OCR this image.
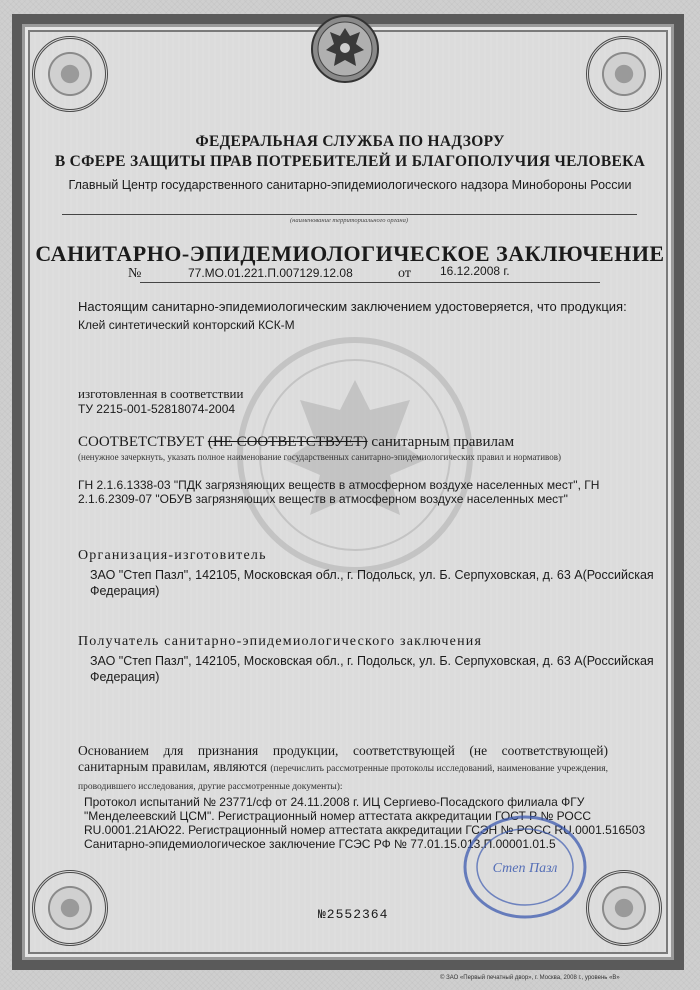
ФЕДЕРАЛЬНАЯ СЛУЖБА ПО НАДЗОРУ
В СФЕРЕ ЗАЩИТЫ ПРАВ ПОТРЕБИТЕЛЕЙ И БЛАГОПОЛУЧИЯ ЧЕЛОВЕКА
Главный Центр государственного санитарно-эпидемиологического надзора Минобороны России
(наименование территориального органа)
САНИТАРНО-ЭПИДЕМИОЛОГИЧЕСКОЕ ЗАКЛЮЧЕНИЕ
№	77.МО.01.221.П.007129.12.08	от 16.12.2008 г.
Настоящим санитарно-эпидемиологическим заключением удостоверяется, что продукция:
Клей синтетический конторский КСК-М
изготовленная в соответствии
ТУ 2215-001-52818074-2004
СООТВЕТСТВУЕТ (НЕ СООТВЕТСТВУЕТ) санитарным правилам
(ненужное зачеркнуть, указать полное наименование государственных санитарно-эпидемиологических правил и нормативов)
ГН 2.1.6.1338-03 "ПДК загрязняющих веществ в атмосферном воздухе населенных мест", ГН
2.1.6.2309-07 "ОБУВ загрязняющих веществ в атмосферном воздухе населенных мест"
Организация-изготовитель
ЗАО "Степ Пазл", 142105, Московская обл., г. Подольск, ул. Б. Серпуховская, д. 63 А(Российская
Федерация)
Получатель санитарно-эпидемиологического заключения
ЗАО "Степ Пазл", 142105, Московская обл., г. Подольск, ул. Б. Серпуховская, д. 63 А(Российская
Федерация)
Основанием для признания продукции, соответствующей (не соответствующей) санитарным правилам, являются (перечислить рассмотренные протоколы исследований, наименование учреждения, проводившего исследования, другие рассмотренные документы):
Протокол испытаний № 23771/сф от 24.11.2008 г. ИЦ Сергиево-Посадского филиала ФГУ
"Менделеевский ЦСМ". Регистрационный номер аттестата аккредитации ГОСТ Р № РОСС
RU.0001.21АЮ22. Регистрационный номер аттестата аккредитации ГСЭН № РОСС RU.0001.516503
Санитарно-эпидемиологическое заключение ГСЭС РФ № 77.01.15.013.П.00001.01.5
Степ Пазл
№2552364
© ЗАО «Первый печатный двор», г. Москва, 2008 г., уровень «В»
